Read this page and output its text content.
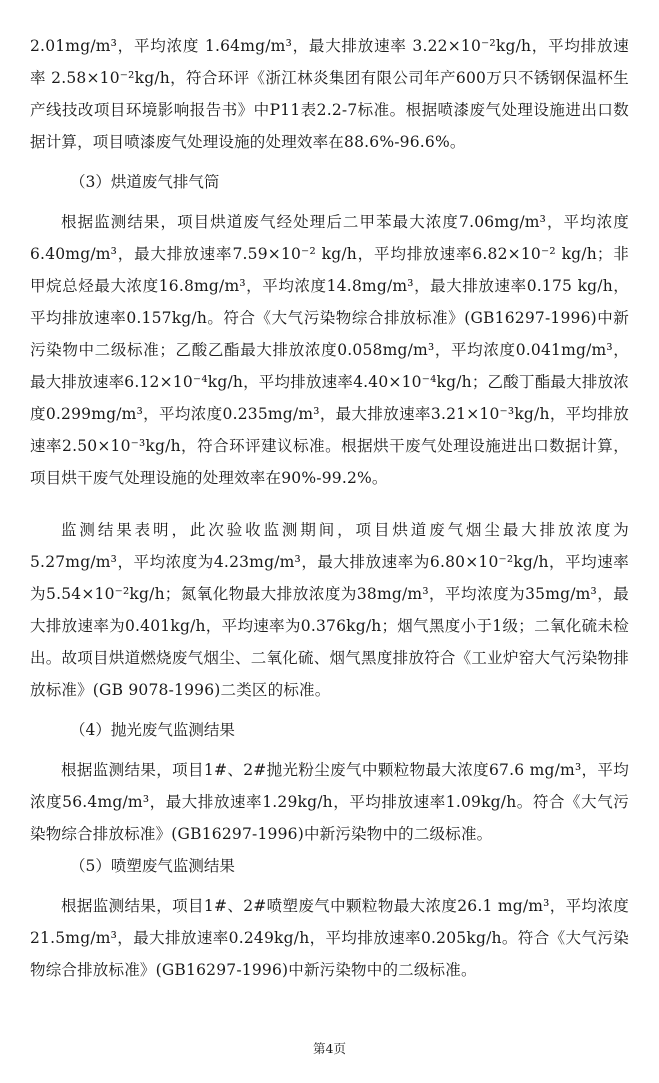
2.01mg/m³，平均浓度 1.64mg/m³，最大排放速率 3.22×10⁻²kg/h，平均排放速率 2.58×10⁻²kg/h，符合环评《浙江林炎集团有限公司年产600万只不锈钢保温杯生产线技改项目环境影响报告书》中P11表2.2-7标准。根据喷漆废气处理设施进出口数据计算，项目喷漆废气处理设施的处理效率在88.6%-96.6%。

（3）烘道废气排气筒

根据监测结果，项目烘道废气经处理后二甲苯最大浓度7.06mg/m³，平均浓度6.40mg/m³，最大排放速率7.59×10⁻² kg/h，平均排放速率6.82×10⁻² kg/h；非甲烷总烃最大浓度16.8mg/m³，平均浓度14.8mg/m³，最大排放速率0.175 kg/h，平均排放速率0.157kg/h。符合《大气污染物综合排放标准》(GB16297-1996)中新污染物中二级标准；乙酸乙酯最大排放浓度0.058mg/m³，平均浓度0.041mg/m³，最大排放速率6.12×10⁻⁴kg/h，平均排放速率4.40×10⁻⁴kg/h；乙酸丁酯最大排放浓度0.299mg/m³，平均浓度0.235mg/m³，最大排放速率3.21×10⁻³kg/h，平均排放速率2.50×10⁻³kg/h，符合环评建议标准。根据烘干废气处理设施进出口数据计算，项目烘干废气处理设施的处理效率在90%-99.2%。

监测结果表明，此次验收监测期间，项目烘道废气烟尘最大排放浓度为5.27mg/m³，平均浓度为4.23mg/m³，最大排放速率为6.80×10⁻²kg/h，平均速率为5.54×10⁻²kg/h；氮氧化物最大排放浓度为38mg/m³，平均浓度为35mg/m³，最大排放速率为0.401kg/h，平均速率为0.376kg/h；烟气黑度小于1级；二氧化硫未检出。故项目烘道燃烧废气烟尘、二氧化硫、烟气黑度排放符合《工业炉窑大气污染物排放标准》(GB 9078-1996)二类区的标准。

（4）抛光废气监测结果

根据监测结果，项目1#、2#抛光粉尘废气中颗粒物最大浓度67.6 mg/m³，平均浓度56.4mg/m³，最大排放速率1.29kg/h，平均排放速率1.09kg/h。符合《大气污染物综合排放标准》(GB16297-1996)中新污染物中的二级标准。

（5）喷塑废气监测结果

根据监测结果，项目1#、2#喷塑废气中颗粒物最大浓度26.1 mg/m³，平均浓度21.5mg/m³，最大排放速率0.249kg/h，平均排放速率0.205kg/h。符合《大气污染物综合排放标准》(GB16297-1996)中新污染物中的二级标准。

第4页
